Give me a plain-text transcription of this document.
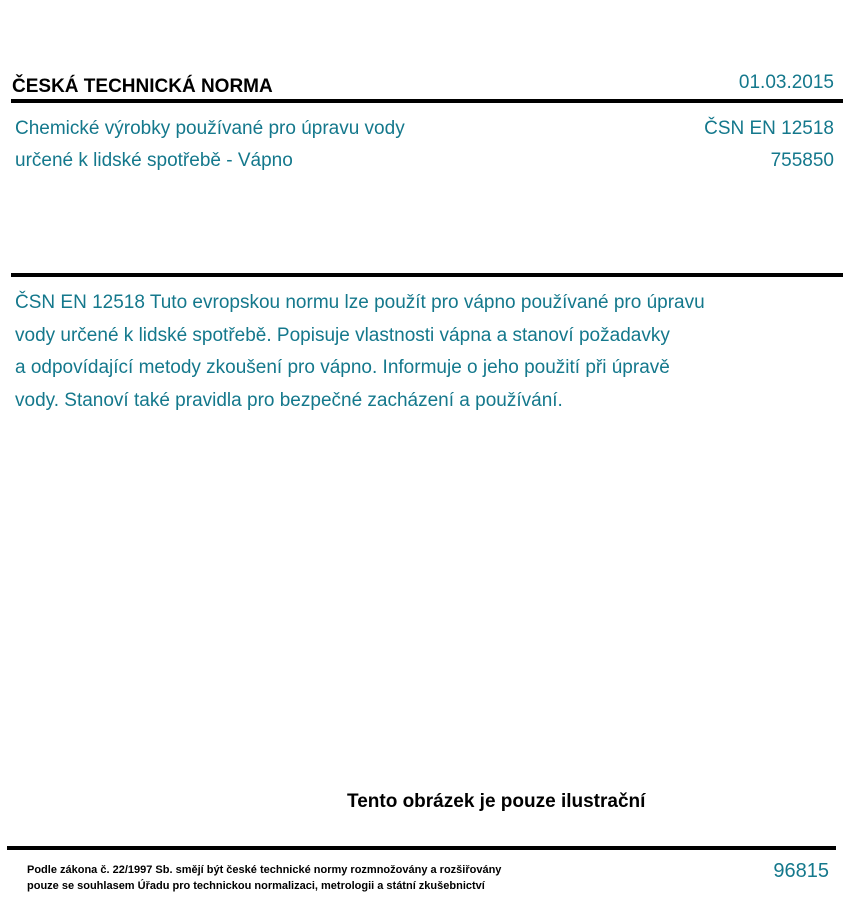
ČESKÁ TECHNICKÁ NORMA	01.03.2015
Chemické výrobky používané pro úpravu vody
určené k lidské spotřebě - Vápno
ČSN EN 12518
755850
ČSN EN 12518 Tuto evropskou normu lze použít pro vápno používané pro úpravu
vody určené k lidské spotřebě. Popisuje vlastnosti vápna a stanoví požadavky
a odpovídající metody zkoušení pro vápno. Informuje o jeho použití při úpravě
vody. Stanoví také pravidla pro bezpečné zacházení a používání.
Tento obrázek je pouze ilustrační
Podle zákona č. 22/1997 Sb. smějí být české technické normy rozmnožovány a rozšiřovány
pouze se souhlasem Úřadu pro technickou normalizaci, metrologii a státní zkušebnictví
96815
